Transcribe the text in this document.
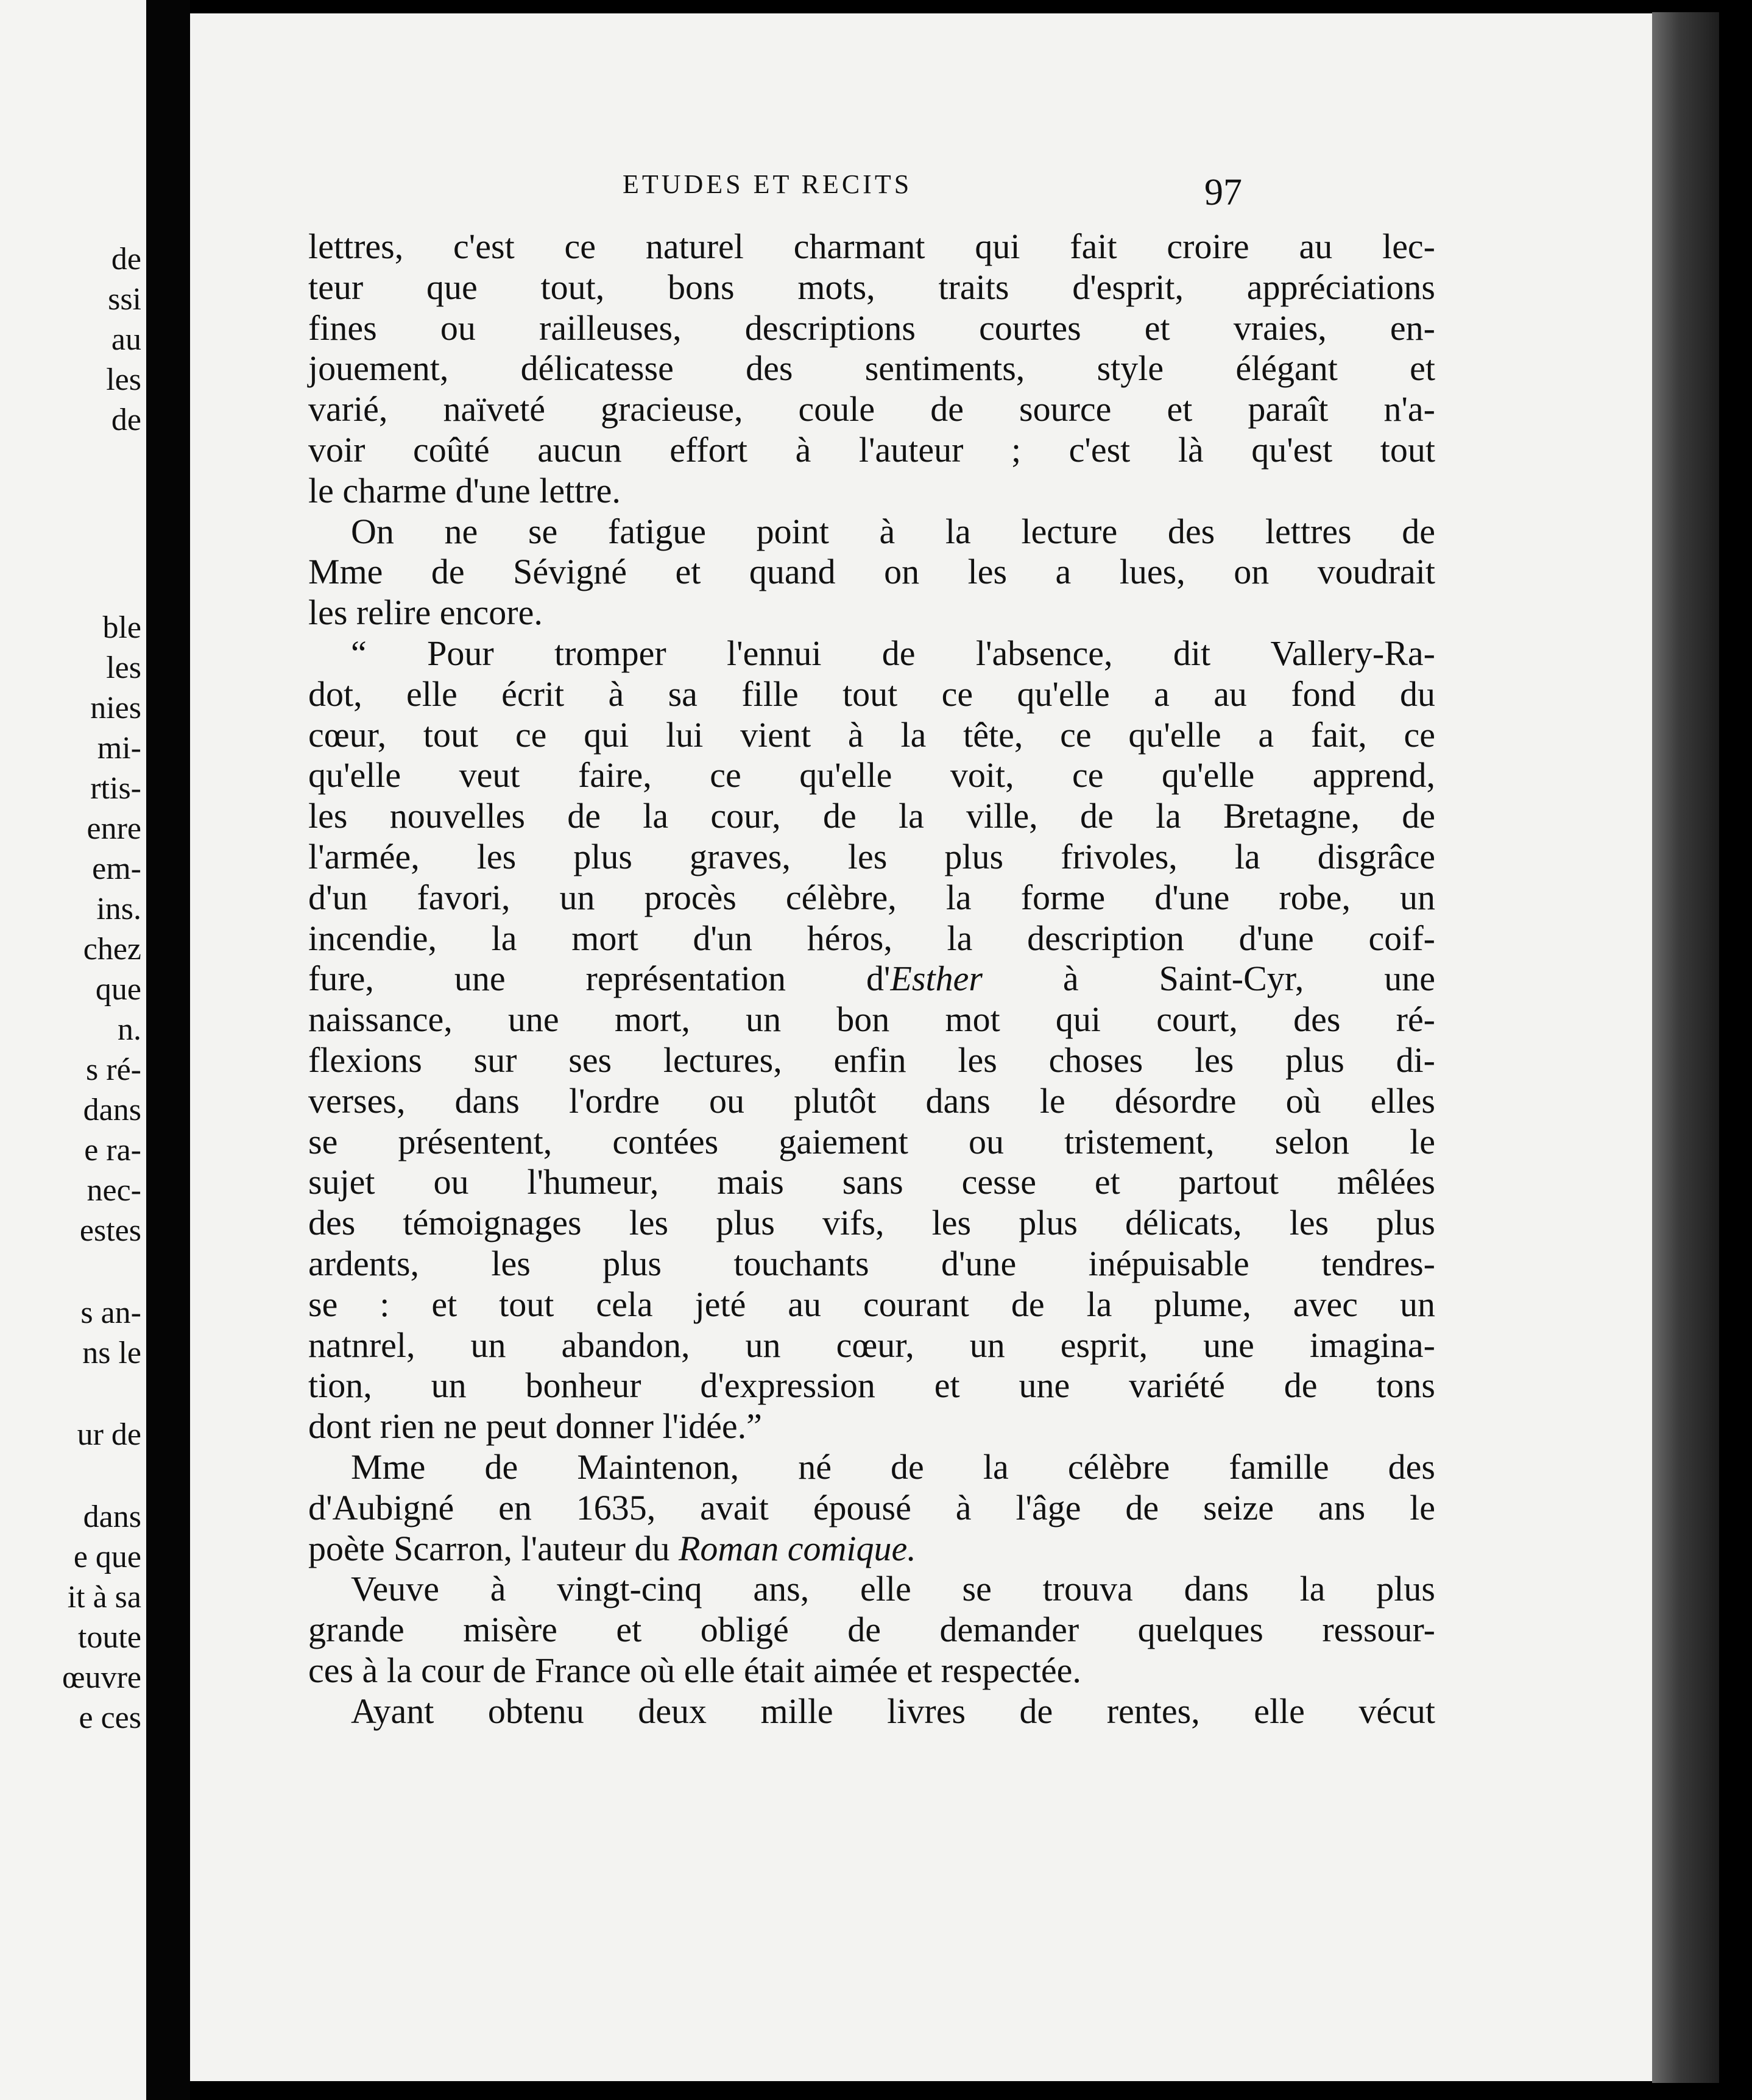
de
ssi
au
les
de
ble
les
nies
mi-
rtis-
enre
em-
ins.
chez
que
n.
s ré-
dans
e ra-
nec-
estes
s an-
ns le
ur de
dans
e que
it à sa
toute
œuvre
e ces
ETUDES ET RECITS	97
lettres, c'est ce naturel charmant qui fait croire au lec-
teur que tout, bons mots, traits d'esprit, appréciations
fines ou railleuses, descriptions courtes et vraies, en-
jouement, délicatesse des sentiments, style élégant et
varié, naïveté gracieuse, coule de source et paraît n'a-
voir coûté aucun effort à l'auteur ; c'est là qu'est tout
le charme d'une lettre.
On ne se fatigue point à la lecture des lettres de
Mme de Sévigné et quand on les a lues, on voudrait
les relire encore.
“ Pour tromper l'ennui de l'absence, dit Vallery-Ra-
dot, elle écrit à sa fille tout ce qu'elle a au fond du
cœur, tout ce qui lui vient à la tête, ce qu'elle a fait, ce
qu'elle veut faire, ce qu'elle voit, ce qu'elle apprend,
les nouvelles de la cour, de la ville, de la Bretagne, de
l'armée, les plus graves, les plus frivoles, la disgrâce
d'un favori, un procès célèbre, la forme d'une robe, un
incendie, la mort d'un héros, la description d'une coif-
fure, une représentation d'Esther à Saint-Cyr, une
naissance, une mort, un bon mot qui court, des ré-
flexions sur ses lectures, enfin les choses les plus di-
verses, dans l'ordre ou plutôt dans le désordre où elles
se présentent, contées gaiement ou tristement, selon le
sujet ou l'humeur, mais sans cesse et partout mêlées
des témoignages les plus vifs, les plus délicats, les plus
ardents, les plus touchants d'une inépuisable tendres-
se : et tout cela jeté au courant de la plume, avec un
natnrel, un abandon, un cœur, un esprit, une imagina-
tion, un bonheur d'expression et une variété de tons
dont rien ne peut donner l'idée.”
Mme de Maintenon, né de la célèbre famille des
d'Aubigné en 1635, avait épousé à l'âge de seize ans le
poète Scarron, l'auteur du Roman comique.
Veuve à vingt-cinq ans, elle se trouva dans la plus
grande misère et obligé de demander quelques ressour-
ces à la cour de France où elle était aimée et respectée.
Ayant obtenu deux mille livres de rentes, elle vécut
